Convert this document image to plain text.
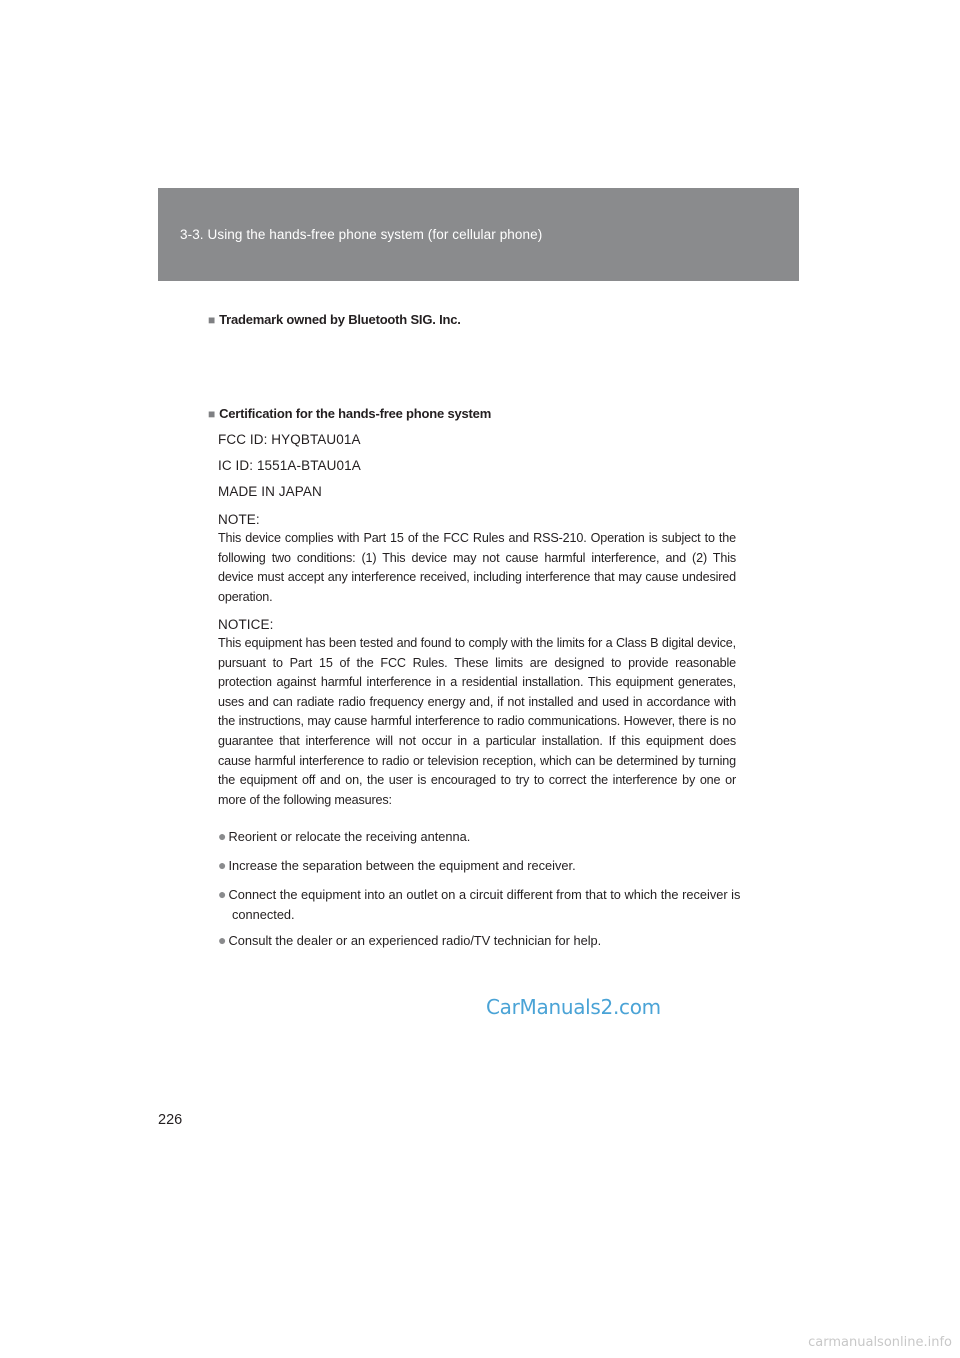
3-3. Using the hands-free phone system (for cellular phone)
■ Trademark owned by Bluetooth SIG. Inc.
■ Certification for the hands-free phone system
FCC ID: HYQBTAU01A
IC ID: 1551A-BTAU01A
MADE IN JAPAN
NOTE:
This device complies with Part 15 of the FCC Rules and RSS-210. Operation is subject to the following two conditions: (1) This device may not cause harmful interference, and (2) This device must accept any interference received, including interference that may cause undesired operation.
NOTICE:
This equipment has been tested and found to comply with the limits for a Class B digital device, pursuant to Part 15 of the FCC Rules. These limits are designed to provide reasonable protection against harmful interference in a residential installation. This equipment generates, uses and can radiate radio frequency energy and, if not installed and used in accordance with the instructions, may cause harmful interference to radio communications. However, there is no guarantee that interference will not occur in a particular installation. If this equipment does cause harmful interference to radio or television reception, which can be determined by turning the equipment off and on, the user is encouraged to try to correct the interference by one or more of the following measures:
● Reorient or relocate the receiving antenna.
● Increase the separation between the equipment and receiver.
● Connect the equipment into an outlet on a circuit different from that to which the receiver is connected.
● Consult the dealer or an experienced radio/TV technician for help.
CarManuals2.com
226
carmanualsonline.info
